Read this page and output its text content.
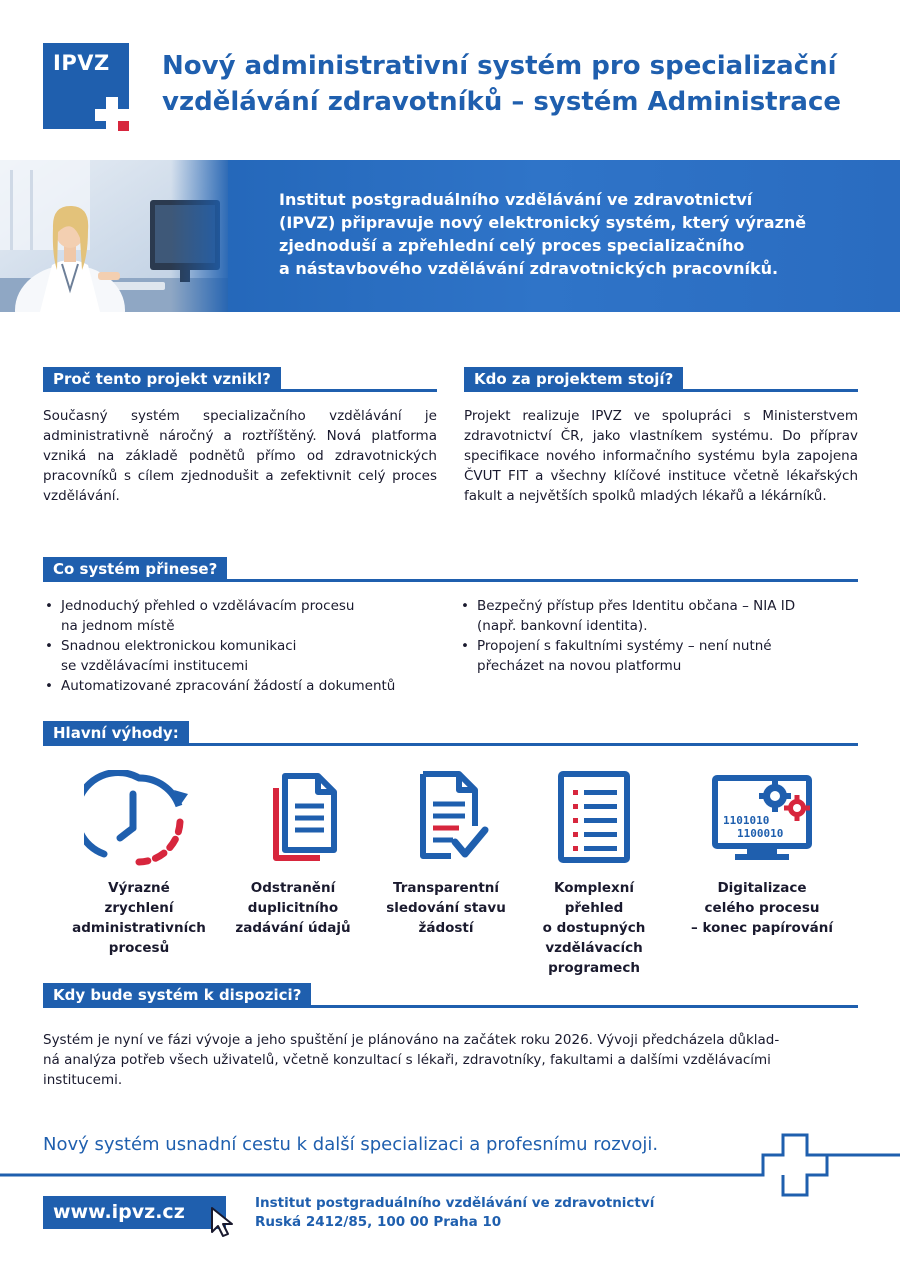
IPVZ Nový administrativní systém pro specializační
vzdělávání zdravotníků – systém Administrace
Institut postgraduálního vzdělávání ve zdravotnictví
(IPVZ) připravuje nový elektronický systém, který výrazně
zjednoduší a zpřehlední celý proces specializačního
a nástavbového vzdělávání zdravotnických pracovníků.
Proč tento projekt vznikl?
Současný systém specializačního vzdělávání je administrativně náročný a roztříštěný. Nová platforma vzniká na základě podnětů přímo od zdravotnických pracovníků s cílem zjednodušit a zefektivnit celý proces vzdělávání.
Kdo za projektem stojí?
Projekt realizuje IPVZ ve spolupráci s Ministerstvem zdravotnictví ČR, jako vlastníkem systému. Do příprav specifikace nového informačního systému byla zapojena ČVUT FIT a všechny klíčové instituce včetně lékařských fakult a největších spolků mladých lékařů a lékárníků.
Co systém přinese?
• Jednoduchý přehled o vzdělávacím procesu
na jednom místě
• Snadnou elektronickou komunikaci
se vzdělávacími institucemi
• Automatizované zpracování žádostí a dokumentů
• Bezpečný přístup přes Identitu občana – NIA ID
(např. bankovní identita).
• Propojení s fakultními systémy – není nutné
přecházet na novou platformu
Hlavní výhody:
Výrazné
zrychlení
administrativních
procesů
Odstranění
duplicitního
zadávání údajů
Transparentní
sledování stavu
žádostí
Komplexní
přehled
o dostupných
vzdělávacích
programech
1101010
1100010
Digitalizace
celého procesu
– konec papírování
Kdy bude systém k dispozici?
Systém je nyní ve fázi vývoje a jeho spuštění je plánováno na začátek roku 2026. Vývoji předcházela důklad-
ná analýza potřeb všech uživatelů, včetně konzultací s lékaři, zdravotníky, fakultami a dalšími vzdělávacími
institucemi.
Nový systém usnadní cestu k další specializaci a profesnímu rozvoji.
www.ipvz.cz	Institut postgraduálního vzdělávání ve zdravotnictví
Ruská 2412/85, 100 00 Praha 10
